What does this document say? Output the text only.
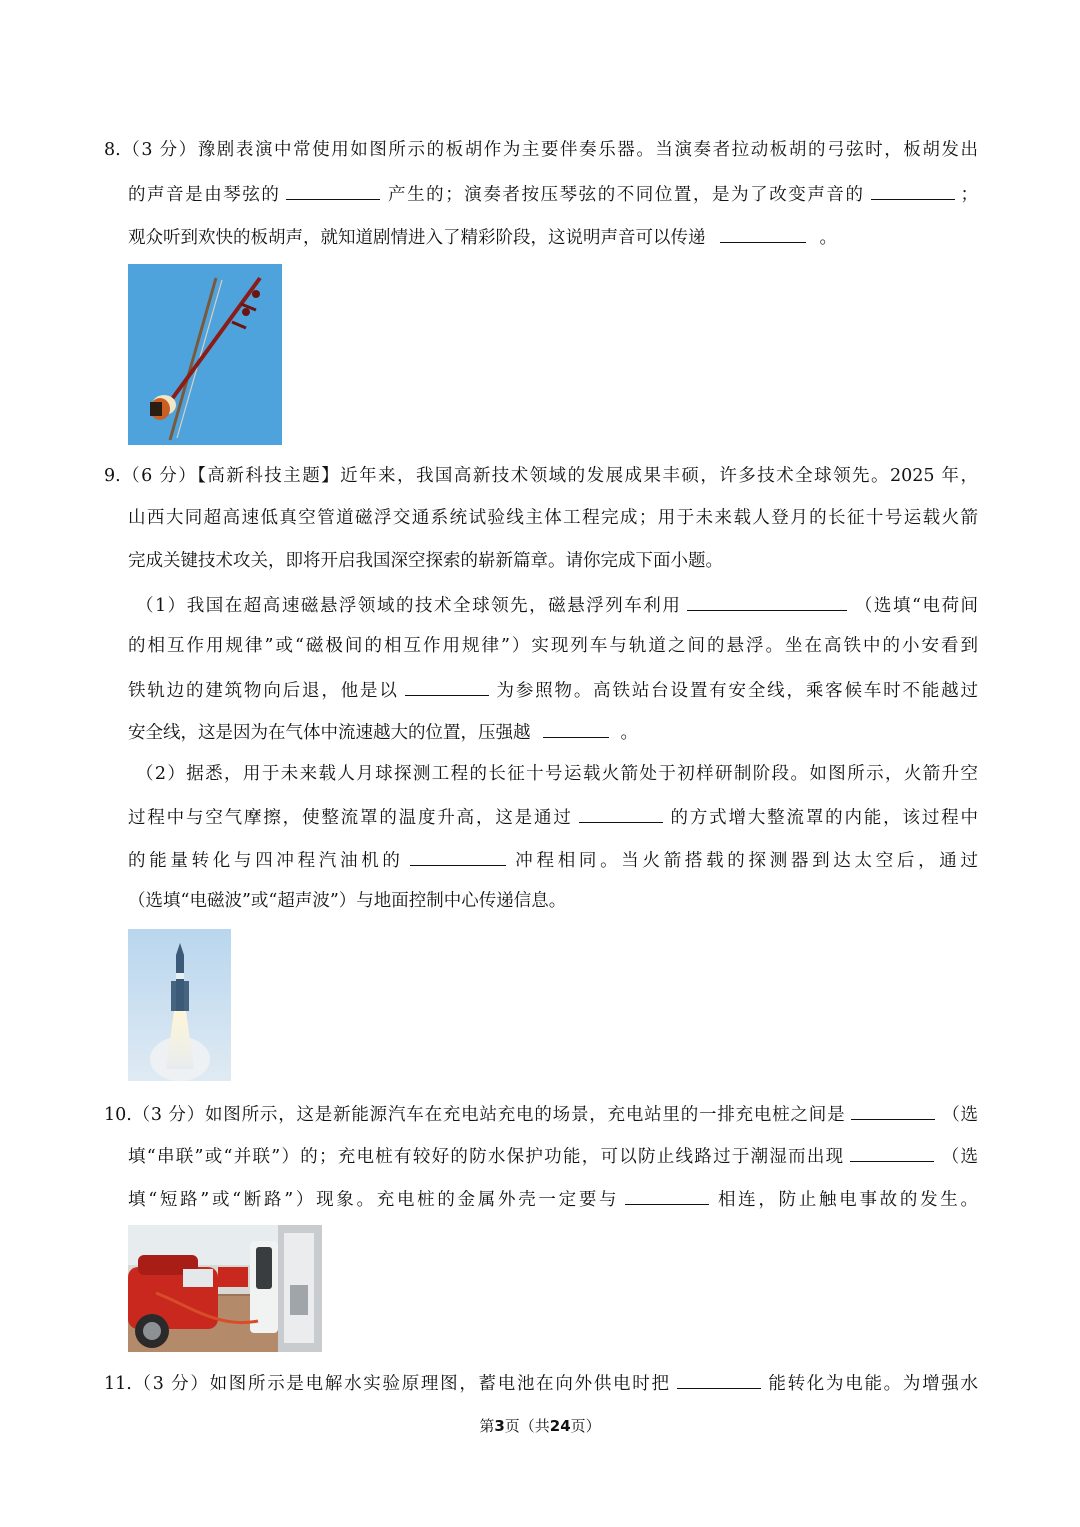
8.（3 分）豫剧表演中常使用如图所示的板胡作为主要伴奏乐器。当演奏者拉动板胡的弓弦时，板胡发出
的声音是由琴弦的	产生的；演奏者按压琴弦的不同位置，是为了改变声音的	；
观众听到欢快的板胡声，就知道剧情进入了精彩阶段，这说明声音可以传递	。
9.（6 分）【高新科技主题】近年来，我国高新技术领域的发展成果丰硕，许多技术全球领先。2025 年，
山西大同超高速低真空管道磁浮交通系统试验线主体工程完成；用于未来载人登月的长征十号运载火箭
完成关键技术攻关，即将开启我国深空探索的崭新篇章。请你完成下面小题。
（1）我国在超高速磁悬浮领域的技术全球领先，磁悬浮列车利用	（选填“电荷间
的相互作用规律”或“磁极间的相互作用规律”）实现列车与轨道之间的悬浮。坐在高铁中的小安看到
铁轨边的建筑物向后退，他是以	为参照物。高铁站台设置有安全线，乘客候车时不能越过
安全线，这是因为在气体中流速越大的位置，压强越	。
（2）据悉，用于未来载人月球探测工程的长征十号运载火箭处于初样研制阶段。如图所示，火箭升空
过程中与空气摩擦，使整流罩的温度升高，这是通过	的方式增大整流罩的内能，该过程中
的能量转化与四冲程汽油机的	冲程相同。当火箭搭载的探测器到达太空后，通过
（选填“电磁波”或“超声波”）与地面控制中心传递信息。
10.（3 分）如图所示，这是新能源汽车在充电站充电的场景，充电站里的一排充电桩之间是	（选
填“串联”或“并联”）的；充电桩有较好的防水保护功能，可以防止线路过于潮湿而出现	（选
填“短路”或“断路”）现象。充电桩的金属外壳一定要与	相连，防止触电事故的发生。
11.（3 分）如图所示是电解水实验原理图，蓄电池在向外供电时把	能转化为电能。为增强水
第3页（共24页）
